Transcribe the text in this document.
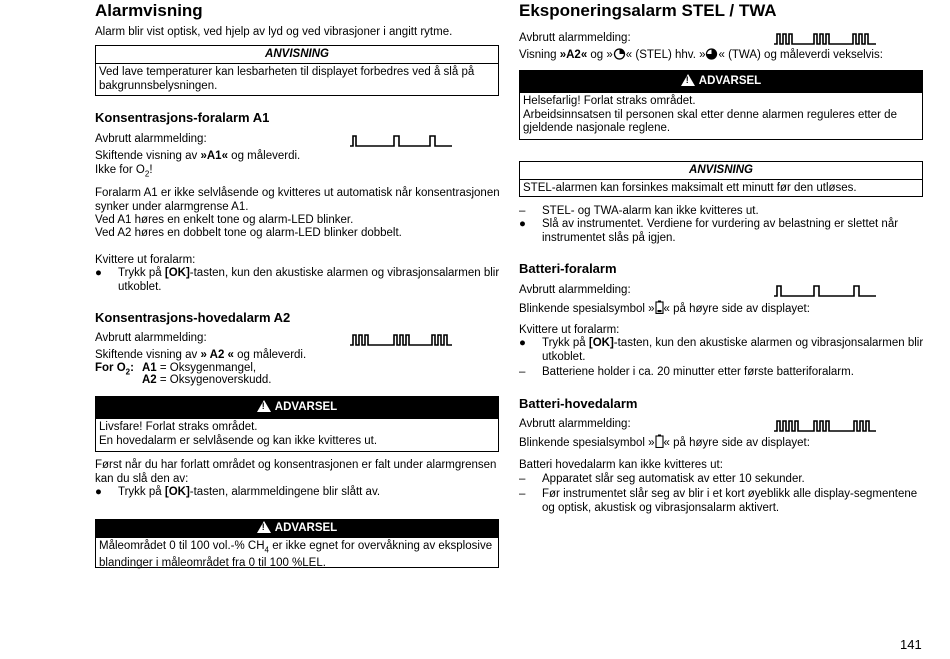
Alarmvisning
Alarm blir vist optisk, ved hjelp av lyd og ved vibrasjoner i angitt rytme.
ANVISNING
Ved lave temperaturer kan lesbarheten til displayet forbedres ved å slå på bakgrunnsbelysningen.
Konsentrasjons-foralarm A1
Avbrutt alarmmelding:
Skiftende visning av »A1« og måleverdi.
Ikke for $O_2$!
Foralarm A1 er ikke selvlåsende og kvitteres ut automatisk når konsentrasjonen synker under alarmgrense A1.
Ved A1 høres en enkelt tone og alarm-LED blinker.
Ved A2 høres en dobbelt tone og alarm-LED blinker dobbelt.
Kvittere ut foralarm:
● Trykk på [OK]-tasten, kun den akustiske alarmen og vibrasjonsalarmen blir utkoblet.
Konsentrasjons-hovedalarm A2
Avbrutt alarmmelding:
Skiftende visning av » A2 « og måleverdi.
For $O_2$: A1 = Oksygenmangel,
A2 = Oksygenoverskudd.
!ADVARSEL
Livsfare! Forlat straks området.
En hovedalarm er selvlåsende og kan ikke kvitteres ut.
Først når du har forlatt området og konsentrasjonen er falt under alarmgrensen kan du slå den av:
● Trykk på [OK]-tasten, alarmmeldingene blir slått av.
!ADVARSEL
Måleområdet 0 til 100 vol.-% $CH_4$ er ikke egnet for overvåkning av eksplosive blandinger i måleområdet fra 0 til 100 %LEL.
Eksponeringsalarm STEL / TWA
Avbrutt alarmmelding:
Visning »A2« og » « (STEL) hhv. » « (TWA) og måleverdi vekselvis:
!ADVARSEL
Helsefarlig! Forlat straks området.
Arbeidsinnsatsen til personen skal etter denne alarmen reguleres etter de gjeldende nasjonale reglene.
ANVISNING
STEL-alarmen kan forsinkes maksimalt ett minutt før den utløses.
– STEL- og TWA-alarm kan ikke kvitteres ut.
● Slå av instrumentet. Verdiene for vurdering av belastning er slettet når instrumentet slås på igjen.
Batteri-foralarm
Avbrutt alarmmelding:
Blinkende spesialsymbol » « på høyre side av displayet:
Kvittere ut foralarm:
● Trykk på [OK]-tasten, kun den akustiske alarmen og vibrasjonsalarmen blir utkoblet.
– Batteriene holder i ca. 20 minutter etter første batteriforalarm.
Batteri-hovedalarm
Avbrutt alarmmelding:
Blinkende spesialsymbol » « på høyre side av displayet:
Batteri hovedalarm kan ikke kvitteres ut:
– Apparatet slår seg automatisk av etter 10 sekunder.
– Før instrumentet slår seg av blir i et kort øyeblikk alle display-segmentene og optisk, akustisk og vibrasjonsalarm aktivert.
141
